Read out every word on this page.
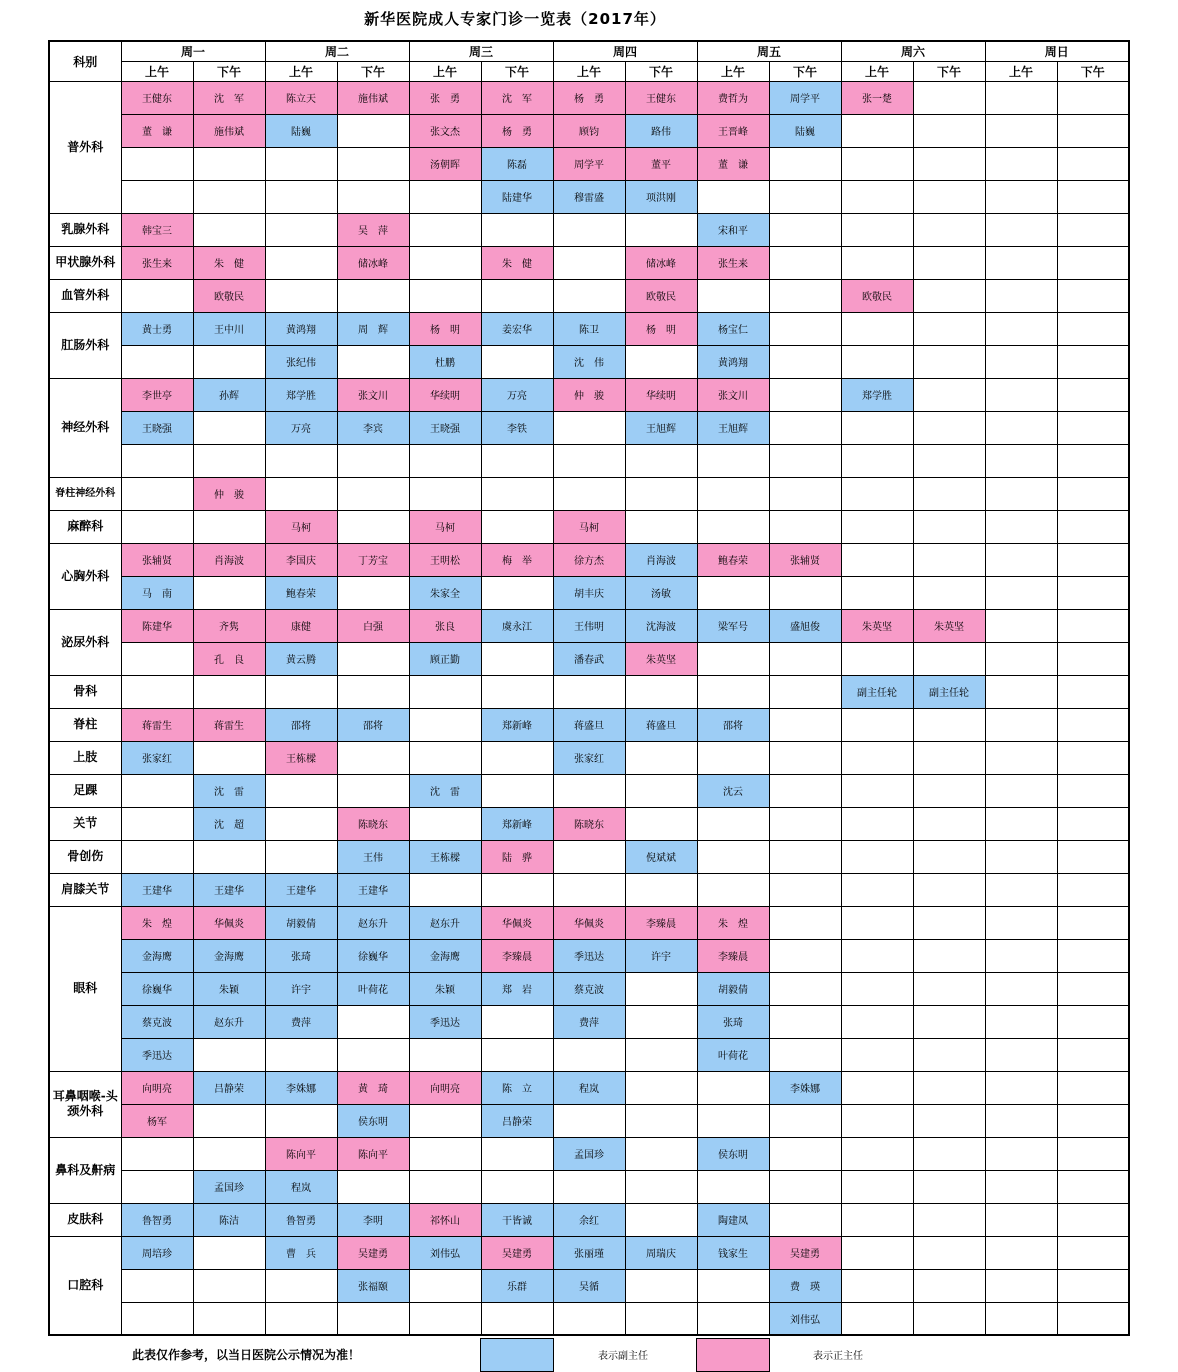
新华医院成人专家门诊一览表（2017年）
科别	周一		周二		周三		周四		周五		周六		周日	
	上午	下午	上午	下午	上午	下午	上午	下午	上午	下午	上午	下午	上午	下午
普外科	王健东	沈　军	陈立天	施伟斌	张　勇	沈　军	杨　勇	王健东	费哲为	周学平	张一楚			
	董　谦	施伟斌	陆巍		张文杰	杨　勇	顾钧	路伟	王晋峰	陆巍				
					汤朝晖	陈磊	周学平	董平	董　谦					
						陆建华	穆雷盛	项洪刚						
乳腺外科	韩宝三			吴　萍					宋和平					
甲状腺外科	张生来	朱　健		储冰峰		朱　健		储冰峰	张生来					
血管外科		欧敬民						欧敬民			欧敬民			
肛肠外科	黄士勇	王中川	黄鸿翔	周　辉	杨　明	姜宏华	陈卫	杨　明	杨宝仁					
			张纪伟		杜鹏		沈　伟		黄鸿翔					
神经外科	李世亭	孙辉	郑学胜	张文川	华续明	万亮	仲　骏	华续明	张文川		郑学胜			
	王晓强		万亮	李宾	王晓强	李铁		王旭辉	王旭辉					

脊柱神经外科		仲　骏												
麻醉科			马柯		马柯		马柯							
心胸外科	张辅贤	肖海波	李国庆	丁芳宝	王明松	梅　举	徐方杰	肖海波	鲍春荣	张辅贤				
	马　南		鲍春荣		朱家全		胡丰庆	汤敏						
泌尿外科	陈建华	齐隽	康健	白强	张良	虞永江	王伟明	沈海波	梁军号	盛旭俊	朱英坚	朱英坚		
		孔　良	黄云腾		顾正勤		潘春武	朱英坚						
骨科											副主任轮	副主任轮		
脊柱	蒋雷生	蒋雷生	邵将	邵将		郑新峰	蒋盛旦	蒋盛旦	邵将					
上肢	张家红		王栋樑				张家红							
足踝		沈　雷			沈　雷				沈云					
关节		沈　超		陈晓东		郑新峰	陈晓东							
骨创伤				王伟	王栋樑	陆　骅		倪斌斌						
肩膝关节	王建华	王建华	王建华	王建华										
眼科	朱　煌	华佩炎	胡毅倩	赵东升	赵东升	华佩炎	华佩炎	李臻晨	朱　煌					
	金海鹰	金海鹰	张琦	徐巍华	金海鹰	李臻晨	季迅达	许宇	李臻晨					
	徐巍华	朱颖	许宇	叶荷花	朱颖	郑　岩	蔡克波		胡毅倩					
	蔡克波	赵东升	费萍		季迅达		费萍		张琦					
	季迅达								叶荷花					
耳鼻咽喉-头颈外科	向明亮	吕静荣	李姝娜	黄　琦	向明亮	陈　立	程岚			李姝娜				
	杨军			侯东明		吕静荣								
鼻科及鼾病			陈向平	陈向平			孟国珍		侯东明					
		孟国珍	程岚											
皮肤科	鲁智勇	陈洁	鲁智勇	李明	祁怀山	干皆诚	余红		陶建凤					
口腔科	周培珍		曹　兵	吴建勇	刘伟弘	吴建勇	张丽瑾	周瑞庆	钱家生	吴建勇				
				张福颐		乐群	吴循			费　瑛				
										刘伟弘				
此表仅作参考，以当日医院公示情况为准！	表示副主任	表示正主任
